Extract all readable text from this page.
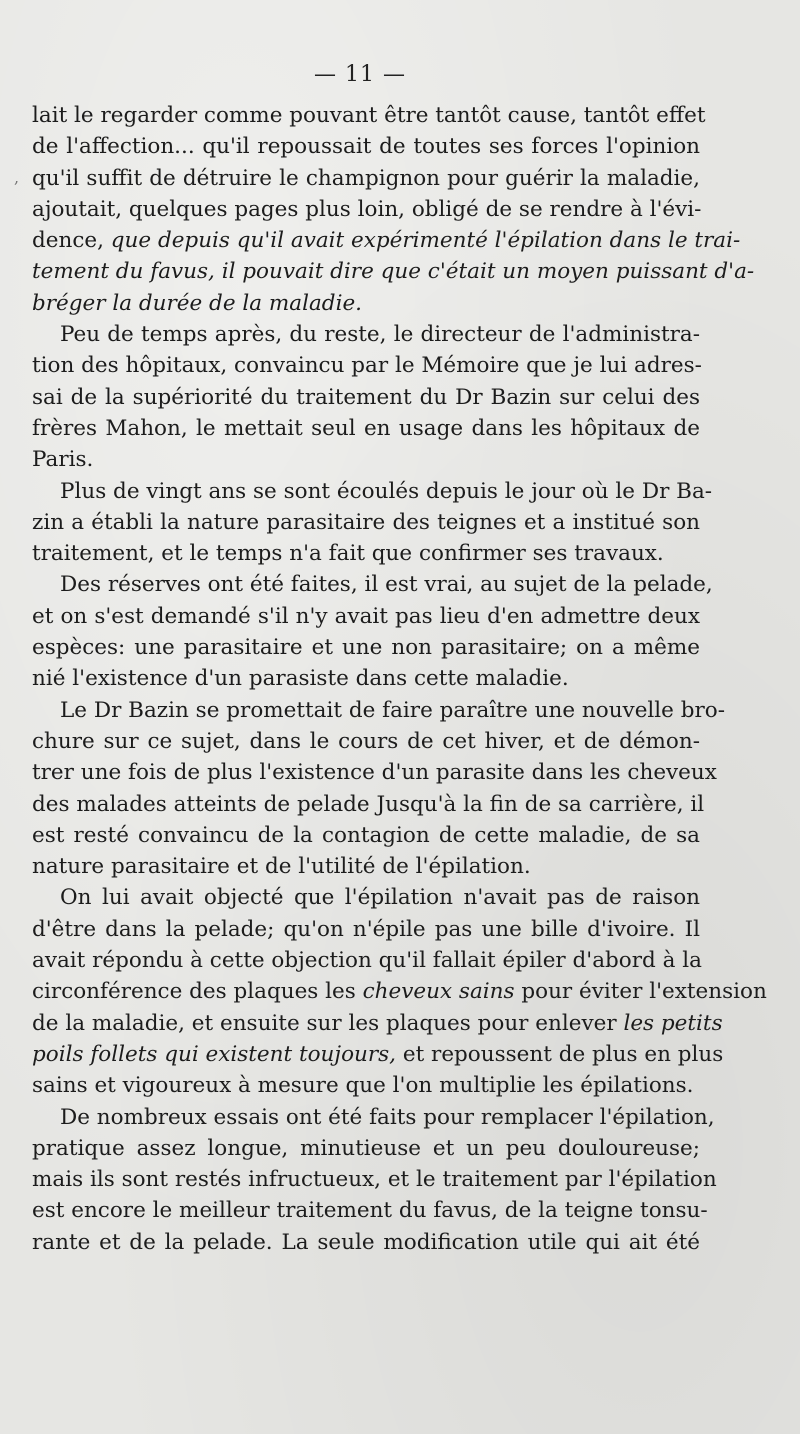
— 11 —
lait le regarder comme pouvant être tantôt cause, tantôt effet
de l'affection... qu'il repoussait de toutes ses forces l'opinion
qu'il suffit de détruire le champignon pour guérir la maladie,
ajoutait, quelques pages plus loin, obligé de se rendre à l'évi-
dence, que depuis qu'il avait expérimenté l'épilation dans le trai-
tement du favus, il pouvait dire que c'était un moyen puissant d'a-
bréger la durée de la maladie.
Peu de temps après, du reste, le directeur de l'administra-
tion des hôpitaux, convaincu par le Mémoire que je lui adres-
sai de la supériorité du traitement du Dr Bazin sur celui des
frères Mahon, le mettait seul en usage dans les hôpitaux de
Paris.
Plus de vingt ans se sont écoulés depuis le jour où le Dr Ba-
zin a établi la nature parasitaire des teignes et a institué son
traitement, et le temps n'a fait que confirmer ses travaux.
Des réserves ont été faites, il est vrai, au sujet de la pelade,
et on s'est demandé s'il n'y avait pas lieu d'en admettre deux
espèces: une parasitaire et une non parasitaire; on a même
nié l'existence d'un parasiste dans cette maladie.
Le Dr Bazin se promettait de faire paraître une nouvelle bro-
chure sur ce sujet, dans le cours de cet hiver, et de démon-
trer une fois de plus l'existence d'un parasite dans les cheveux
des malades atteints de pelade Jusqu'à la fin de sa carrière, il
est resté convaincu de la contagion de cette maladie, de sa
nature parasitaire et de l'utilité de l'épilation.
On lui avait objecté que l'épilation n'avait pas de raison
d'être dans la pelade; qu'on n'épile pas une bille d'ivoire. Il
avait répondu à cette objection qu'il fallait épiler d'abord à la
circonférence des plaques les cheveux sains pour éviter l'extension
de la maladie, et ensuite sur les plaques pour enlever les petits
poils follets qui existent toujours, et repoussent de plus en plus
sains et vigoureux à mesure que l'on multiplie les épilations.
De nombreux essais ont été faits pour remplacer l'épilation,
pratique assez longue, minutieuse et un peu douloureuse;
mais ils sont restés infructueux, et le traitement par l'épilation
est encore le meilleur traitement du favus, de la teigne tonsu-
rante et de la pelade. La seule modification utile qui ait été
,
